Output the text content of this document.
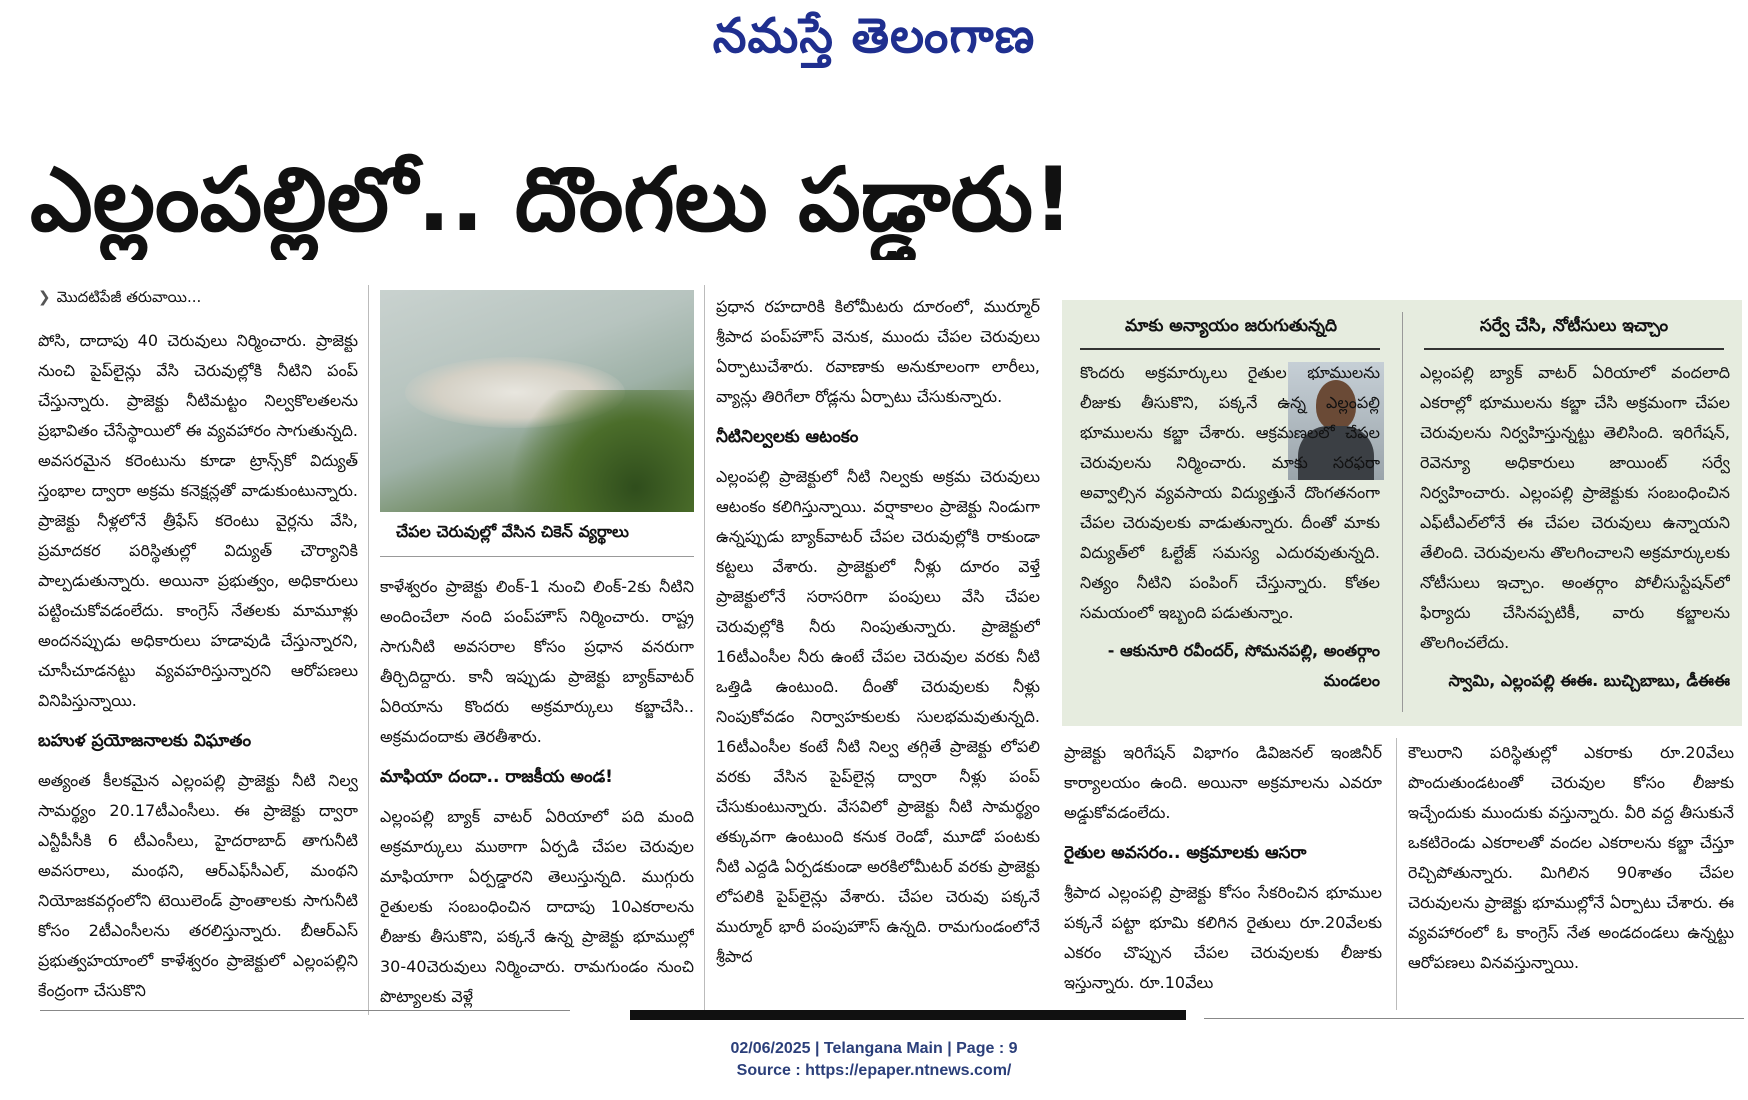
నమస్తే తెలంగాణ
ఎల్లంపల్లిలో.. దొంగలు పడ్డారు!
❯ మొదటిపేజీ తరువాయి...

పోసి, దాదాపు 40 చెరువులు నిర్మించారు. ప్రాజెక్టు నుంచి పైప్‌లైన్లు వేసి చెరువుల్లోకి నీటిని పంప్ చేస్తున్నారు. ప్రాజెక్టు నీటిమట్టం నిల్వకొలతలను ప్రభావితం చేసేస్థాయిలో ఈ వ్యవహారం సాగుతున్నది. అవసరమైన కరెంటును కూడా ట్రాన్స్‌కో విద్యుత్ స్తంభాల ద్వారా అక్రమ కనెక్షన్లతో వాడుకుంటున్నారు. ప్రాజెక్టు నీళ్లలోనే త్రీఫేస్ కరెంటు వైర్లను వేసి, ప్రమాదకర పరిస్థితుల్లో విద్యుత్ చౌర్యానికి పాల్పడుతున్నారు. అయినా ప్రభుత్వం, అధికారులు పట్టించుకోవడంలేదు. కాంగ్రెస్ నేతలకు మామూళ్లు అందనప్పుడు అధికారులు హడావుడి చేస్తున్నారని, చూసీచూడనట్టు వ్యవహరిస్తున్నారని ఆరోపణలు వినిపిస్తున్నాయి.

బహుళ ప్రయోజనాలకు విఘాతం

అత్యంత కీలకమైన ఎల్లంపల్లి ప్రాజెక్టు నీటి నిల్వ సామర్థ్యం 20.17టీఎంసీలు. ఈ ప్రాజెక్టు ద్వారా ఎన్టీపీసీకి 6 టీఎంసీలు, హైదరాబాద్ తాగునీటి అవసరాలు, మంథని, ఆర్‌ఎఫ్‌సీఎల్, మంథని నియోజకవర్గంలోని టెయిలెండ్ ప్రాంతాలకు సాగునీటి కోసం 2టీఎంసీలను తరలిస్తున్నారు. బీఆర్‌ఎస్ ప్రభుత్వహయాంలో కాళేశ్వరం ప్రాజెక్టులో ఎల్లంపల్లిని కేంద్రంగా చేసుకొని

చేపల చెరువుల్లో వేసిన చికెన్ వ్యర్థాలు

కాళేశ్వరం ప్రాజెక్టు లింక్-1 నుంచి లింక్-2కు నీటిని అందించేలా నంది పంప్‌హౌస్ నిర్మించారు. రాష్ట్ర సాగునీటి అవసరాల కోసం ప్రధాన వనరుగా తీర్చిదిద్దారు. కానీ ఇప్పుడు ప్రాజెక్టు బ్యాక్‌వాటర్ ఏరియాను కొందరు అక్రమార్కులు కబ్జాచేసి.. అక్రమదందాకు తెరతీశారు.

మాఫియా దందా.. రాజకీయ అండ!

ఎల్లంపల్లి బ్యాక్ వాటర్ ఏరియాలో పది మంది అక్రమార్కులు ముఠాగా ఏర్పడి చేపల చెరువుల మాఫియాగా ఏర్పడ్డారని తెలుస్తున్నది. ముగ్గురు రైతులకు సంబంధించిన దాదాపు 10ఎకరాలను లీజుకు తీసుకొని, పక్కనే ఉన్న ప్రాజెక్టు భూముల్లో 30-40చెరువులు నిర్మించారు. రామగుండం నుంచి పొట్యాలకు వెళ్లే

ప్రధాన రహదారికి కిలోమీటరు దూరంలో, ముర్మూర్ శ్రీపాద పంప్‌హౌస్ వెనుక, ముందు చేపల చెరువులు ఏర్పాటుచేశారు. రవాణాకు అనుకూలంగా లారీలు, వ్యాన్లు తిరిగేలా రోడ్లను ఏర్పాటు చేసుకున్నారు.

నీటినిల్వలకు ఆటంకం

ఎల్లంపల్లి ప్రాజెక్టులో నీటి నిల్వకు అక్రమ చెరువులు ఆటంకం కలిగిస్తున్నాయి. వర్షాకాలం ప్రాజెక్టు నిండుగా ఉన్నప్పుడు బ్యాక్‌వాటర్ చేపల చెరువుల్లోకి రాకుండా కట్టలు వేశారు. ప్రాజెక్టులో నీళ్లు దూరం వెళ్తే ప్రాజెక్టులోనే సరాసరిగా పంపులు వేసి చేపల చెరువుల్లోకి నీరు నింపుతున్నారు. ప్రాజెక్టులో 16టీఎంసీల నీరు ఉంటే చేపల చెరువుల వరకు నీటి ఒత్తిడి ఉంటుంది. దీంతో చెరువులకు నీళ్లు నింపుకోవడం నిర్వాహకులకు సులభమవుతున్నది. 16టీఎంసీల కంటే నీటి నిల్వ తగ్గితే ప్రాజెక్టు లోపలి వరకు వేసిన పైప్‌లైన్ల ద్వారా నీళ్లు పంప్ చేసుకుంటున్నారు. వేసవిలో ప్రాజెక్టు నీటి సామర్థ్యం తక్కువగా ఉంటుంది కనుక రెండో, మూడో పంటకు నీటి ఎద్దడి ఏర్పడకుండా అరకిలోమీటర్ వరకు ప్రాజెక్టు లోపలికి పైప్‌లైన్లు వేశారు. చేపల చెరువు పక్కనే ముర్మూర్ భారీ పంపుహౌస్ ఉన్నది. రామగుండంలోనే శ్రీపాద

మాకు అన్యాయం జరుగుతున్నది

కొందరు అక్రమార్కులు రైతుల భూములను లీజుకు తీసుకొని, పక్కనే ఉన్న ఎల్లంపల్లి భూములను కబ్జా చేశారు. ఆక్రమణలలో చేపల చెరువులను నిర్మించారు. మాకు సరఫరా అవ్వాల్సిన వ్యవసాయ విద్యుత్తునే దొంగతనంగా చేపల చెరువులకు వాడుతున్నారు. దీంతో మాకు విద్యుత్‌లో ఓల్టేజ్ సమస్య ఎదురవుతున్నది. నిత్యం నీటిని పంపింగ్ చేస్తున్నారు. కోతల సమయంలో ఇబ్బంది పడుతున్నాం.

- ఆకునూరి రవీందర్, సోమనపల్లి, అంతర్గాం మండలం
సర్వే చేసి, నోటీసులు ఇచ్చాం

ఎల్లంపల్లి బ్యాక్ వాటర్ ఏరియాలో వందలాది ఎకరాల్లో భూములను కబ్జా చేసి అక్రమంగా చేపల చెరువులను నిర్వహిస్తున్నట్టు తెలిసింది. ఇరిగేషన్, రెవెన్యూ అధికారులు జాయింట్ సర్వే నిర్వహించారు. ఎల్లంపల్లి ప్రాజెక్టుకు సంబంధించిన ఎఫ్‌టీఎల్‌లోనే ఈ చేపల చెరువులు ఉన్నాయని తేలింది. చెరువులను తొలగించాలని అక్రమార్కులకు నోటీసులు ఇచ్చాం. అంతర్గాం పోలీసుస్టేషన్‌లో ఫిర్యాదు చేసినప్పటికీ, వారు కబ్జాలను తొలగించలేదు.

స్వామి, ఎల్లంపల్లి ఈఈ. బుచ్చిబాబు, డీఈఈ

ప్రాజెక్టు ఇరిగేషన్ విభాగం డివిజనల్ ఇంజినీర్ కార్యాలయం ఉంది. అయినా అక్రమాలను ఎవరూ అడ్డుకోవడంలేదు.

రైతుల అవసరం.. అక్రమాలకు ఆసరా

శ్రీపాద ఎల్లంపల్లి ప్రాజెక్టు కోసం సేకరించిన భూముల పక్కనే పట్టా భూమి కలిగిన రైతులు రూ.20వేలకు ఎకరం చొప్పున చేపల చెరువులకు లీజుకు ఇస్తున్నారు. రూ.10వేలు

కౌలురాని పరిస్థితుల్లో ఎకరాకు రూ.20వేలు పొందుతుండటంతో చెరువుల కోసం లీజుకు ఇచ్చేందుకు ముందుకు వస్తున్నారు. వీరి వద్ద తీసుకునే ఒకటిరెండు ఎకరాలతో వందల ఎకరాలను కబ్జా చేస్తూ రెచ్చిపోతున్నారు. మిగిలిన 90శాతం చేపల చెరువులను ప్రాజెక్టు భూముల్లోనే ఏర్పాటు చేశారు. ఈ వ్యవహారంలో ఓ కాంగ్రెస్ నేత అండదండలు ఉన్నట్టు ఆరోపణలు వినవస్తున్నాయి.

02/06/2025 | Telangana Main | Page : 9
Source : https://epaper.ntnews.com/
